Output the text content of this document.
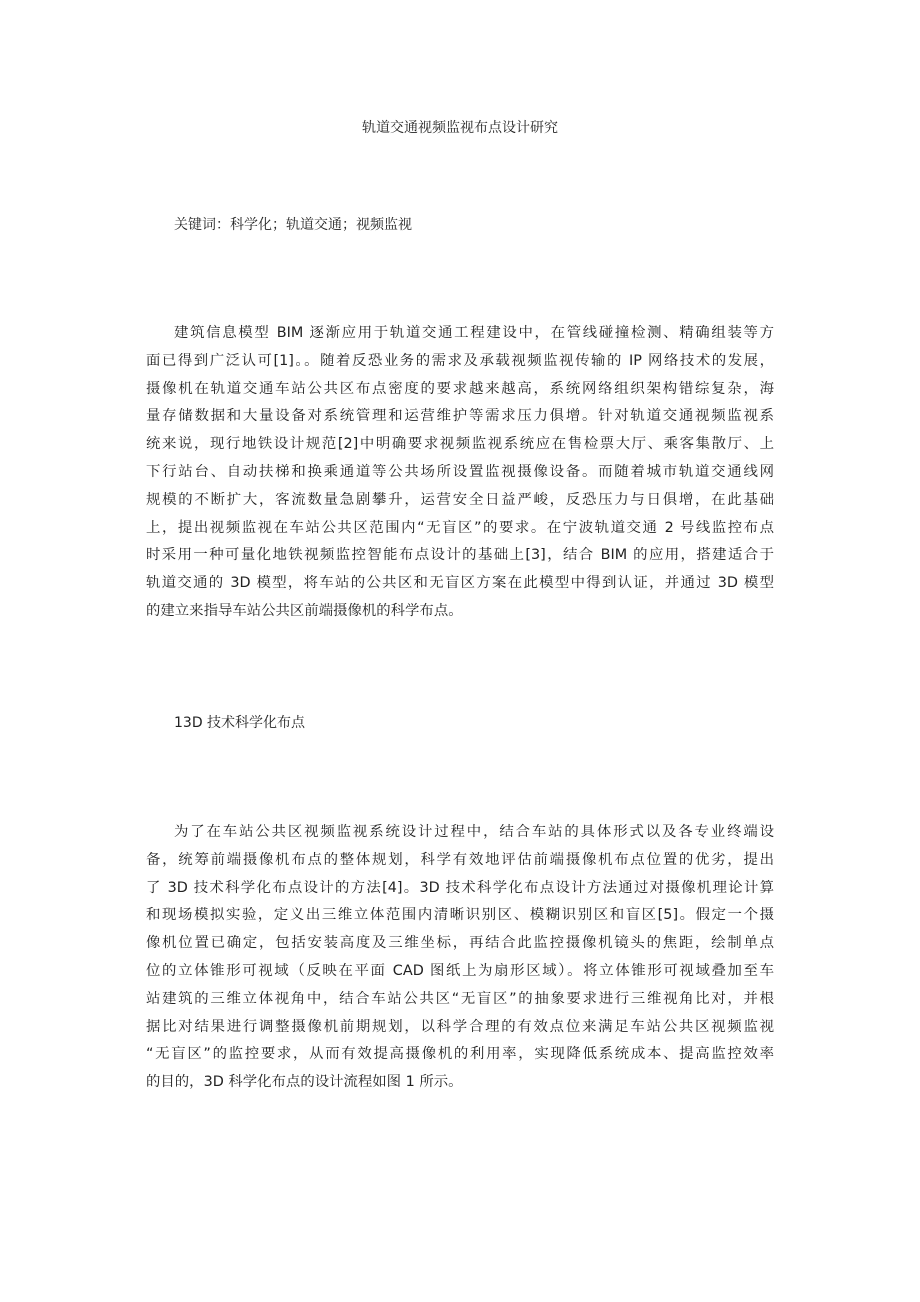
轨道交通视频监视布点设计研究
关键词：科学化；轨道交通；视频监视
建筑信息模型 BIM 逐渐应用于轨道交通工程建设中，在管线碰撞检测、精确组装等方
面已得到广泛认可[1]。。随着反恐业务的需求及承载视频监视传输的 IP 网络技术的发展，
摄像机在轨道交通车站公共区布点密度的要求越来越高，系统网络组织架构错综复杂，海
量存储数据和大量设备对系统管理和运营维护等需求压力俱增。针对轨道交通视频监视系
统来说，现行地铁设计规范[2]中明确要求视频监视系统应在售检票大厅、乘客集散厅、上
下行站台、自动扶梯和换乘通道等公共场所设置监视摄像设备。而随着城市轨道交通线网
规模的不断扩大，客流数量急剧攀升，运营安全日益严峻，反恐压力与日俱增，在此基础
上，提出视频监视在车站公共区范围内“无盲区”的要求。在宁波轨道交通 2 号线监控布点
时采用一种可量化地铁视频监控智能布点设计的基础上[3]，结合 BIM 的应用，搭建适合于
轨道交通的 3D 模型，将车站的公共区和无盲区方案在此模型中得到认证，并通过 3D 模型
的建立来指导车站公共区前端摄像机的科学布点。
13D 技术科学化布点
为了在车站公共区视频监视系统设计过程中，结合车站的具体形式以及各专业终端设
备，统筹前端摄像机布点的整体规划，科学有效地评估前端摄像机布点位置的优劣，提出
了 3D 技术科学化布点设计的方法[4]。3D 技术科学化布点设计方法通过对摄像机理论计算
和现场模拟实验，定义出三维立体范围内清晰识别区、模糊识别区和盲区[5]。假定一个摄
像机位置已确定，包括安装高度及三维坐标，再结合此监控摄像机镜头的焦距，绘制单点
位的立体锥形可视域（反映在平面 CAD 图纸上为扇形区域）。将立体锥形可视域叠加至车
站建筑的三维立体视角中，结合车站公共区“无盲区”的抽象要求进行三维视角比对，并根
据比对结果进行调整摄像机前期规划，以科学合理的有效点位来满足车站公共区视频监视
“无盲区”的监控要求，从而有效提高摄像机的利用率，实现降低系统成本、提高监控效率
的目的，3D 科学化布点的设计流程如图 1 所示。
